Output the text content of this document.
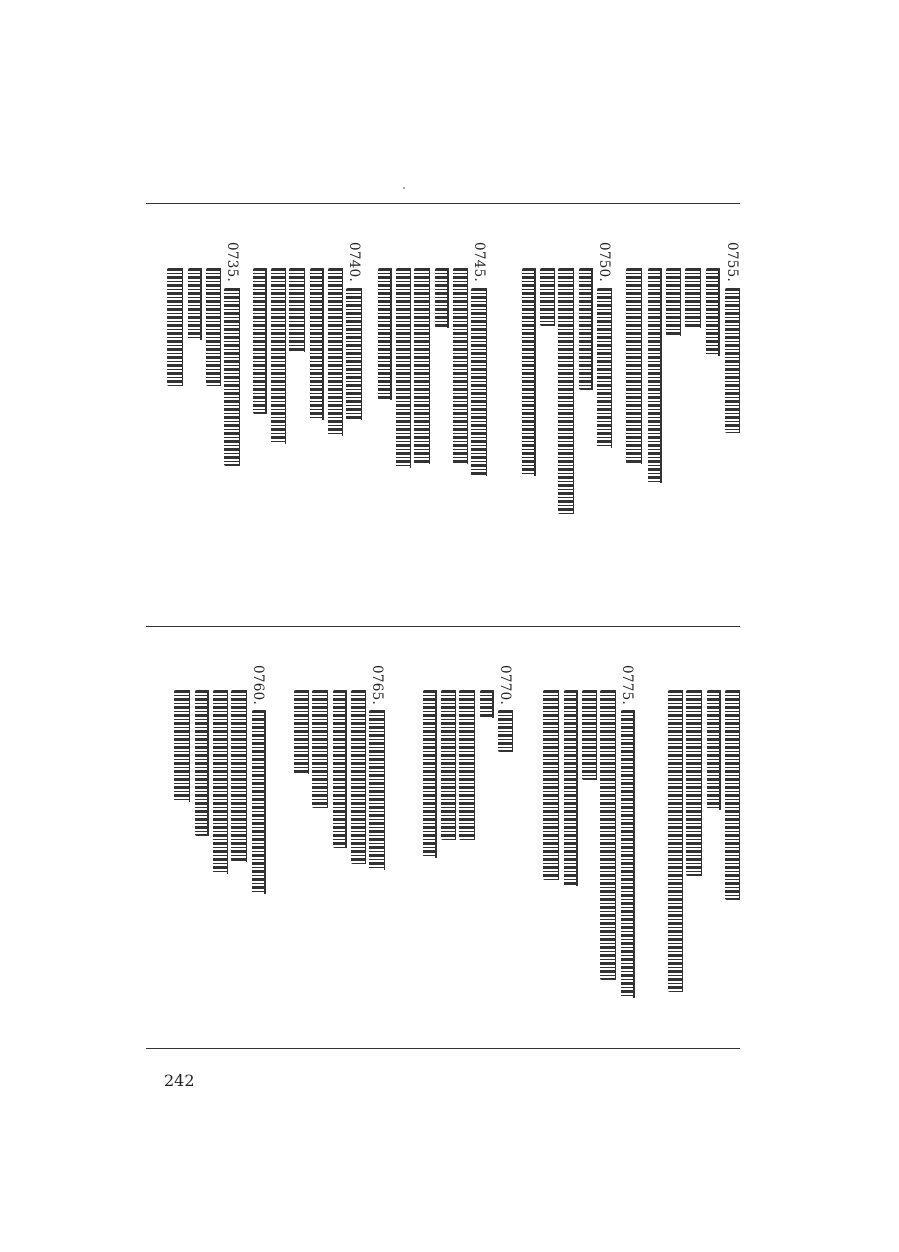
0755.
0750.
0745.
0740.
0735.
0775.
0770.
0765.
0760.
242
